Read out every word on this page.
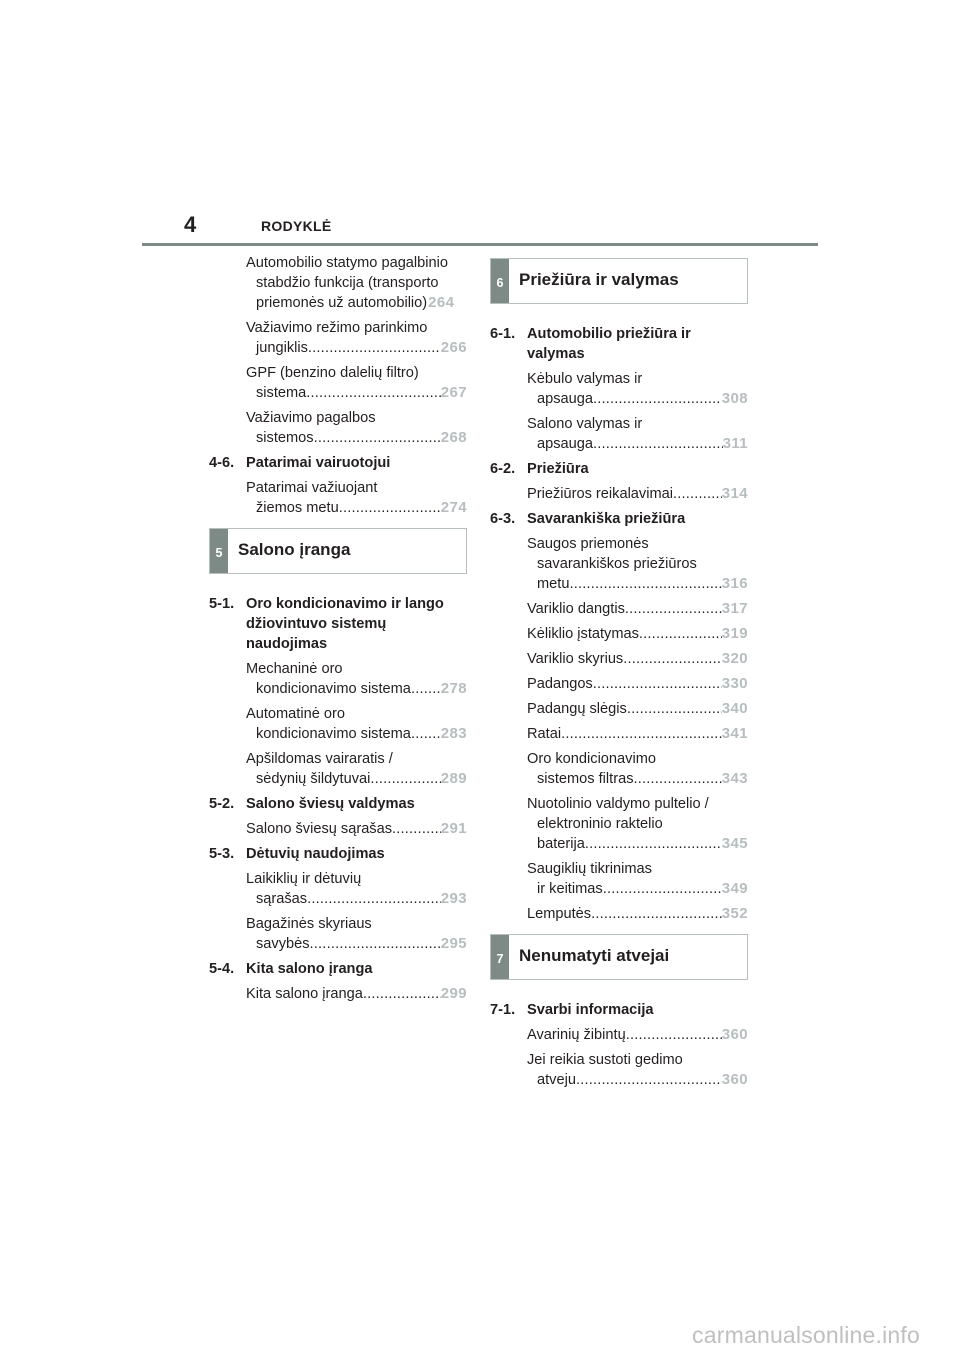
4	RODYKLĖ
Automobilio statymo pagalbinio
stabdžio funkcija (transporto
priemonės už automobilio) 264
Važiavimo režimo parinkimo
jungiklis .....	266
GPF (benzino dalelių filtro)
sistema .....	267
Važiavimo pagalbos
sistemos .....	268
4-6. Patarimai vairuotojui
Patarimai važiuojant
žiemos metu .....	274
5 Salono įranga
5-1. Oro kondicionavimo ir lango
džiovintuvo sistemų
naudojimas
Mechaninė oro
kondicionavimo sistema ..... 278
Automatinė oro
kondicionavimo sistema ..... 283
Apšildomas vairaratis /
sėdynių šildytuvai .....	289
5-2. Salono šviesų valdymas
Salono šviesų sąrašas .....	291
5-3. Dėtuvių naudojimas
Laikiklių ir dėtuvių
sąrašas .....	293
Bagažinės skyriaus
savybės .....	295
5-4. Kita salono įranga
Kita salono įranga .....	299
6 Priežiūra ir valymas
6-1. Automobilio priežiūra ir
valymas
Kėbulo valymas ir
apsauga .....	308
Salono valymas ir
apsauga .....	311
6-2. Priežiūra
Priežiūros reikalavimai .....	314
6-3. Savarankiška priežiūra
Saugos priemonės
savarankiškos priežiūros
metu .....	316
Variklio dangtis .....	317
Kėliklio įstatymas .....	319
Variklio skyrius .....	320
Padangos .....	330
Padangų slėgis .....	340
Ratai .....	341
Oro kondicionavimo
sistemos filtras .....	343
Nuotolinio valdymo pultelio /
elektroninio raktelio
baterija .....	345
Saugiklių tikrinimas
ir keitimas .....	349
Lemputės .....	352
7 Nenumatyti atvejai
7-1. Svarbi informacija
Avarinių žibintų .....	360
Jei reikia sustoti gedimo
atveju .....	360
carmanualsonline.info
